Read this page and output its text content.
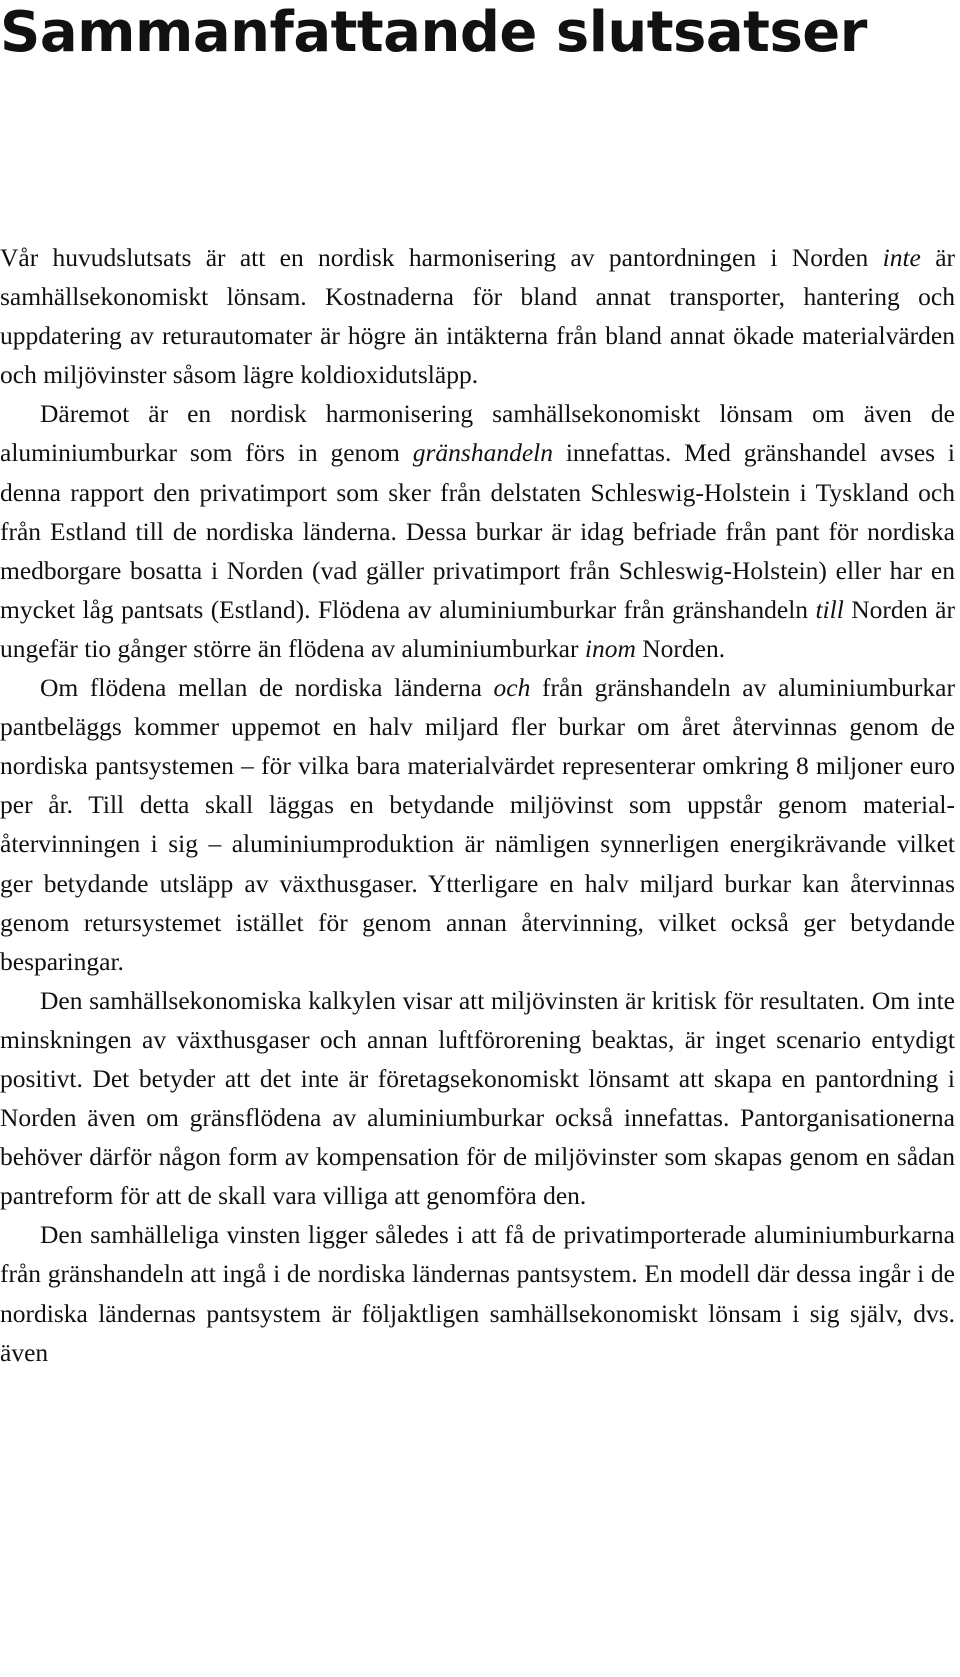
Sammanfattande slutsatser

Vår huvudslutsats är att en nordisk harmonisering av pantordningen i Norden inte är samhällsekonomiskt lönsam. Kostnaderna för bland annat transporter, hantering och uppdatering av returautomater är högre än intäkterna från bland annat ökade materialvärden och miljövinster såsom lägre koldioxidutsläpp.

Däremot är en nordisk harmonisering samhällsekonomiskt lönsam om även de aluminiumburkar som förs in genom gränshandeln innefattas. Med gränshandel avses i denna rapport den privatimport som sker från delstaten Schleswig-Holstein i Tyskland och från Estland till de nordiska länderna. Dessa burkar är idag befriade från pant för nordiska medborgare bosatta i Norden (vad gäller privatimport från Schleswig-Holstein) eller har en mycket låg pantsats (Estland). Flödena av aluminiumburkar från gränshandeln till Norden är ungefär tio gånger större än flödena av aluminiumburkar inom Norden.

Om flödena mellan de nordiska länderna och från gränshandeln av aluminiumburkar pantbeläggs kommer uppemot en halv miljard fler burkar om året återvinnas genom de nordiska pantsystemen – för vilka bara materialvärdet representerar omkring 8 miljoner euro per år. Till detta skall läggas en betydande miljövinst som uppstår genom materialåtervinningen i sig – aluminiumproduktion är nämligen synnerligen energikrävande vilket ger betydande utsläpp av växthusgaser. Ytterligare en halv miljard burkar kan återvinnas genom retursystemet istället för genom annan återvinning, vilket också ger betydande besparingar.

Den samhällsekonomiska kalkylen visar att miljövinsten är kritisk för resultaten. Om inte minskningen av växthusgaser och annan luftförorening beaktas, är inget scenario entydigt positivt. Det betyder att det inte är företagsekonomiskt lönsamt att skapa en pantordning i Norden även om gränsflödena av aluminiumburkar också innefattas. Pantorganisationerna behöver därför någon form av kompensation för de miljövinster som skapas genom en sådan pantreform för att de skall vara villiga att genomföra den.

Den samhälleliga vinsten ligger således i att få de privatimporterade aluminiumburkarna från gränshandeln att ingå i de nordiska ländernas pantsystem. En modell där dessa ingår i de nordiska ländernas pantsystem är följaktligen samhällsekonomiskt lönsam i sig själv, dvs. även
